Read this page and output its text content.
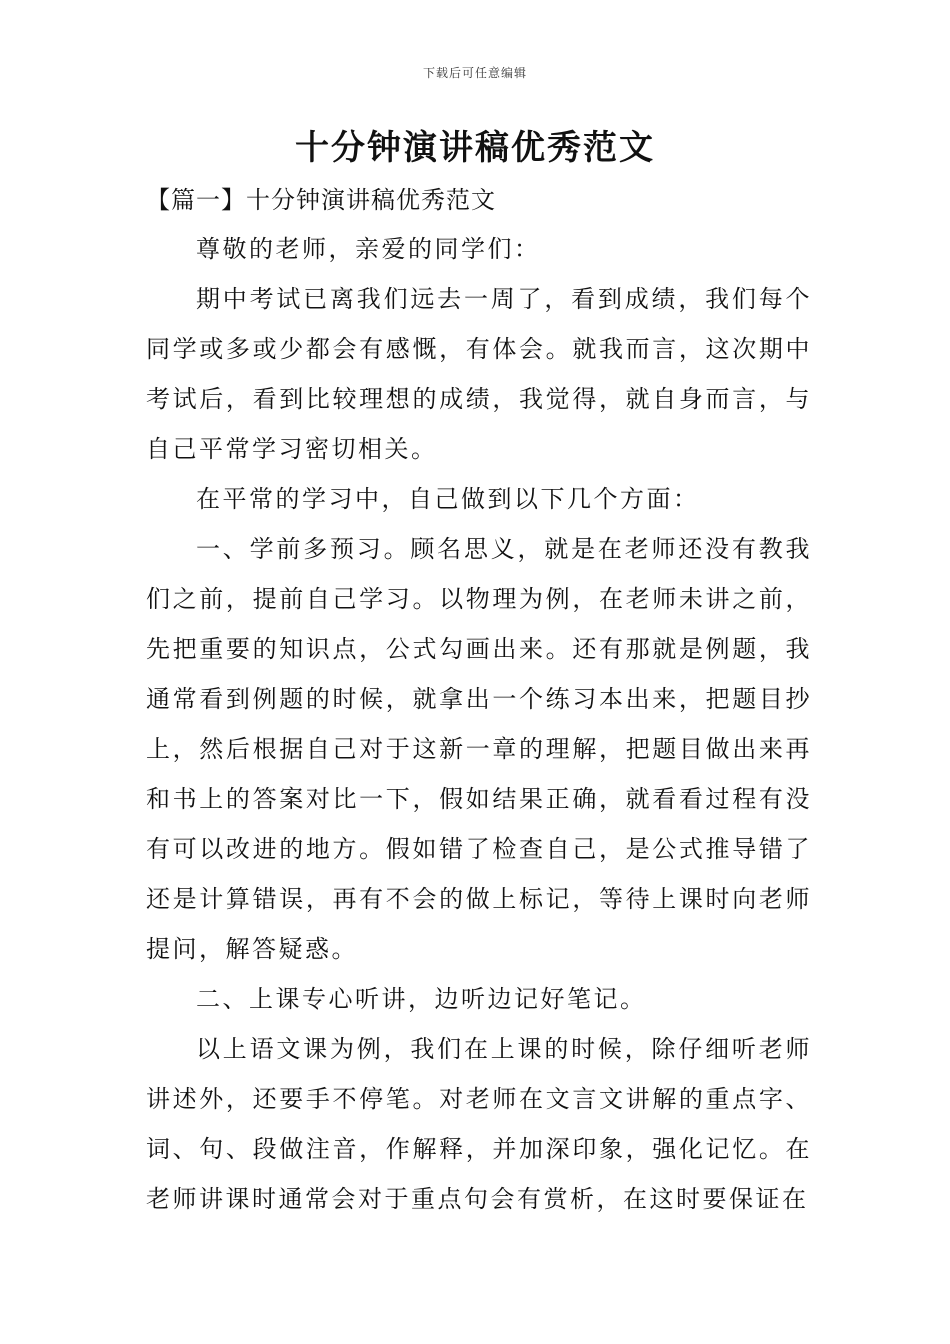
下载后可任意编辑
十分钟演讲稿优秀范文
【篇一】十分钟演讲稿优秀范文

尊敬的老师，亲爱的同学们：

期中考试已离我们远去一周了，看到成绩，我们每个同学或多或少都会有感慨，有体会。就我而言，这次期中考试后，看到比较理想的成绩，我觉得，就自身而言，与自己平常学习密切相关。

在平常的学习中，自己做到以下几个方面：

一、学前多预习。顾名思义，就是在老师还没有教我们之前，提前自己学习。以物理为例，在老师未讲之前，先把重要的知识点，公式勾画出来。还有那就是例题，我通常看到例题的时候，就拿出一个练习本出来，把题目抄上，然后根据自己对于这新一章的理解，把题目做出来再和书上的答案对比一下，假如结果正确，就看看过程有没有可以改进的地方。假如错了检查自己，是公式推导错了还是计算错误，再有不会的做上标记，等待上课时向老师提问，解答疑惑。

二、上课专心听讲，边听边记好笔记。

以上语文课为例，我们在上课的时候，除仔细听老师讲述外，还要手不停笔。对老师在文言文讲解的重点字、词、句、段做注音，作解释，并加深印象，强化记忆。在老师讲课时通常会对于重点句会有赏析，在这时要保证在
